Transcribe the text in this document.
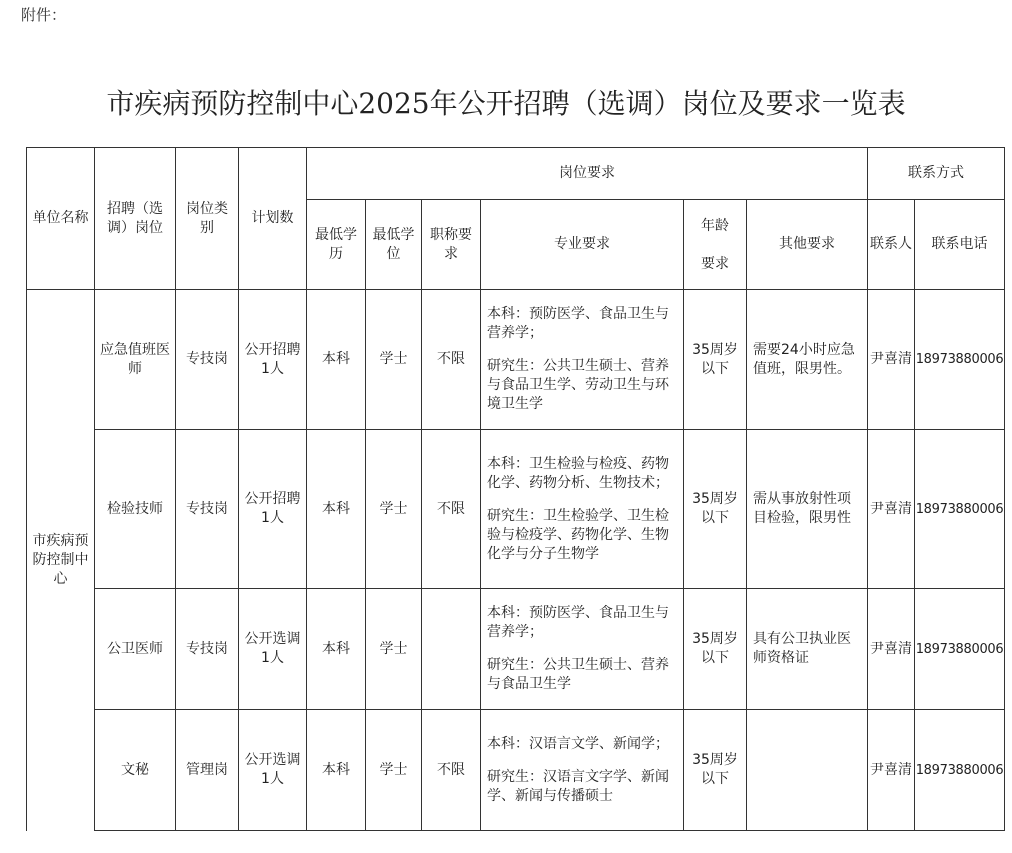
附件：
市疾病预防控制中心2025年公开招聘（选调）岗位及要求一览表
单位名称	招聘（选调）岗位	岗位类别	计划数	岗位要求						联系方式	
				最低学历	最低学位	职称要求	专业要求	年龄
要求	其他要求	联系人	联系电话
市疾病预防控制中心	应急值班医师	专技岗	公开招聘1人	本科	学士	不限	本科：预防医学、食品卫生与营养学；

研究生：公共卫生硕士、营养与食品卫生学、劳动卫生与环境卫生学	35周岁以下	需要24小时应急值班，限男性。	尹喜清	18973880006
	检验技师	专技岗	公开招聘1人	本科	学士	不限	本科：卫生检验与检疫、药物化学、药物分析、生物技术；

研究生：卫生检验学、卫生检验与检疫学、药物化学、生物化学与分子生物学	35周岁以下	需从事放射性项目检验，限男性	尹喜清	18973880006
	公卫医师	专技岗	公开选调1人	本科	学士		本科：预防医学、食品卫生与营养学；

研究生：公共卫生硕士、营养与食品卫生学	35周岁以下	具有公卫执业医师资格证	尹喜清	18973880006
	文秘	管理岗	公开选调1人	本科	学士	不限	本科：汉语言文学、新闻学；

研究生：汉语言文字学、新闻学、新闻与传播硕士	35周岁以下		尹喜清	18973880006
